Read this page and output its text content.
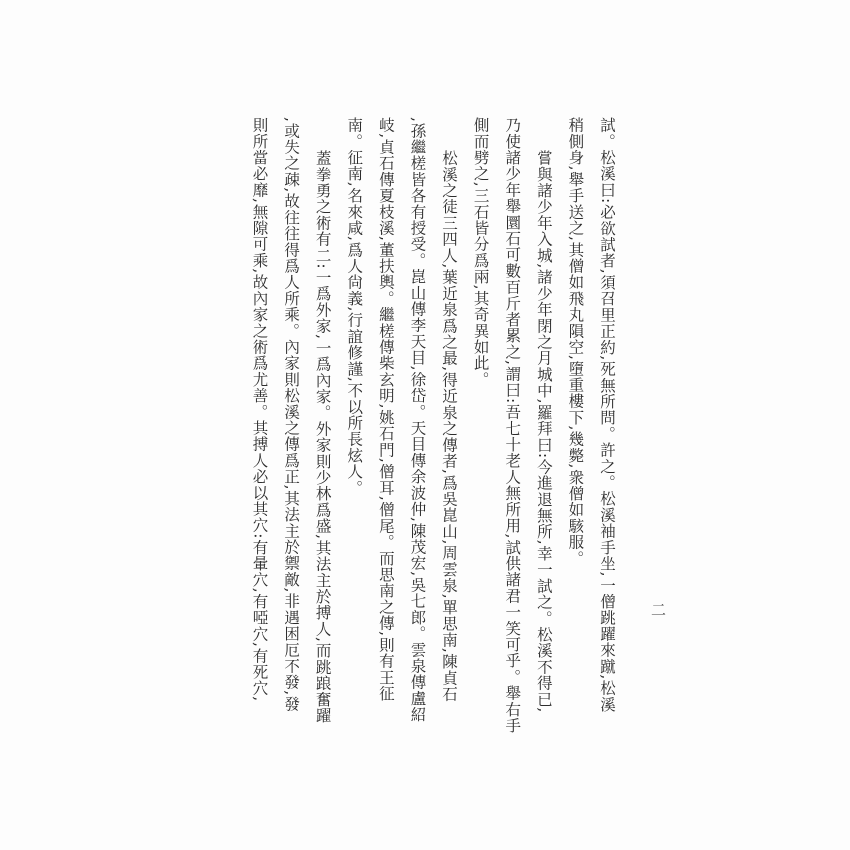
試。松溪曰:必欲試者,須召里正約,死無所問。許之。松溪袖手坐,一僧跳躍來蹴,松溪
稍側身,舉手送之,其僧如飛丸隕空,墮重樓下,幾斃,衆僧如駭服。
嘗與諸少年入城,諸少年閉之月城中,羅拜曰:今進退無所,幸一試之。松溪不得已,
乃使諸少年舉圜石可數百斤者累之,謂曰:吾七十老人無所用,試供諸君一笑可乎。舉右手
側而劈之,三石皆分爲兩,其奇異如此。
松溪之徒三四人,葉近泉爲之最,得近泉之傳者,爲吳崑山,周雲泉,單思南,陳貞石
,孫繼槎皆各有授受。崑山傳李天目,徐岱。天目傳余波仲,陳茂宏,吳七郎。雲泉傳盧紹
岐,貞石傳夏枝溪,董扶輿。繼槎傳柴玄明,姚石門,僧耳,僧尾。而思南之傳,則有王征
南。征南,名來咸,爲人尙義,行誼修謹,不以所長炫人。
蓋拳勇之術有二:一爲外家,一爲內家。外家則少林爲盛,其法主於搏人,而跳踉奮躍
,或失之疎,故往往得爲人所乘。內家則松溪之傳爲正,其法主於禦敵,非遇困厄不發,發
則所當必靡,無隙可乘,故內家之術爲尤善。其搏人必以其穴:有暈穴,有啞穴,有死穴,	二
